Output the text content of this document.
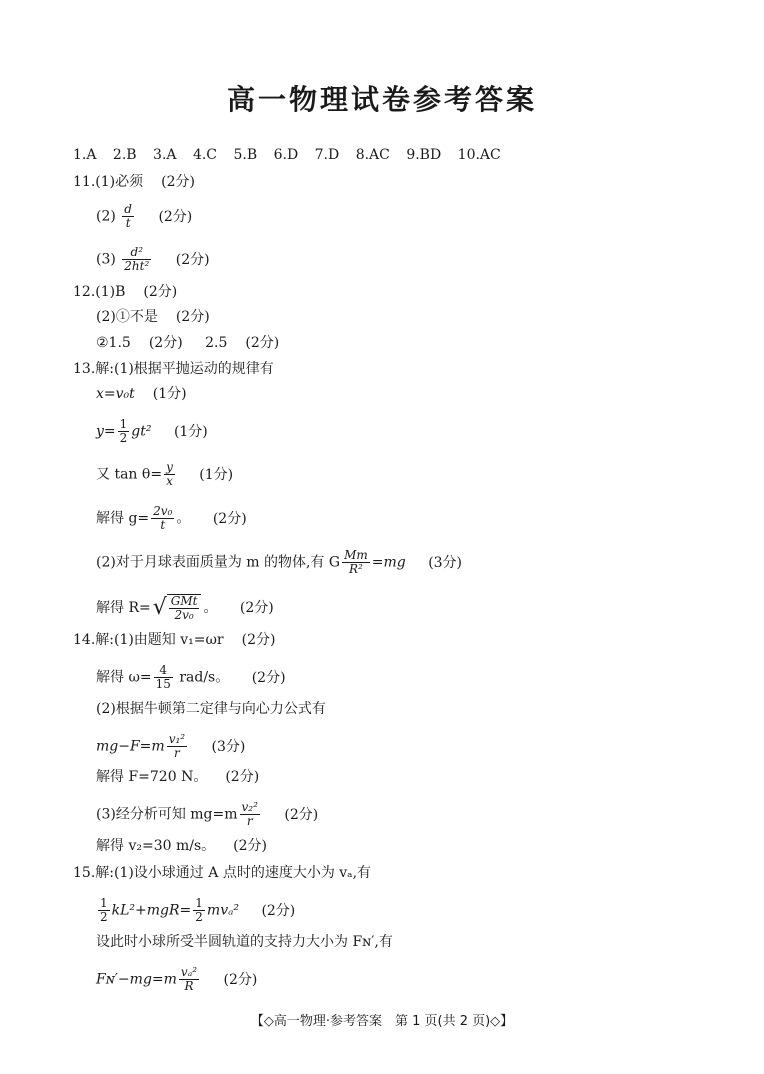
高一物理试卷参考答案
1.A 2.B 3.A 4.C 5.B 6.D 7.D 8.AC 9.BD 10.AC
11.(1)必须 (2分)
$(2) \frac{d}{t} (2$分)
$(3) \frac{\text{d²}}{\text{2ht²}} (2$分)
12.(1)B (2分)
(2)①不是 (2分)
②1.5 (2分) 2.5 (2分)
13.解:(1)根据平抛运动的规律有
x=v₀t (1分)
$y= \frac{1}{2} gt^2$ (1分)
又 $\tan \theta= \frac{y}{x} (1$分)
解得 $g= \frac{\text{2v₀}}{t}$ 。 (2分)
(2)对于月球表面质量为 m 的物体,有 G $\frac{Mm}{\text{R²}} =mg$ (3分)
解得 $R=√ \frac{\text{GMt}}{\text{2v₀}}$ 。 (2分)
14.解:(1)由题知 v₁=ωr (2分)
解得 $\omega= \frac{4}{15} rad/s$。 (2分)
(2)根据牛顿第二定律与向心力公式有
$mg-F=m \frac{\text{v₁²}}{r} (3$分)
解得 F=720 N。 (2分)
(3)经分析可知 $mg=m \frac{\text{v₂²}}{r} (2$分)
解得 v₂=30 m/s。 (2分)
15.解:(1)设小球通过 A 点时的速度大小为 vₐ,有
$\frac{1}{2} kL^2+mgR= \frac{1}{2} mv_a^2$ (2分)
设此时小球所受半圆轨道的支持力大小为 Fɴ′,有
Fɴ′−mg=m $\frac{\text{vₐ²}}{R} (2$分)
【◇高一物理·参考答案　第 1 页(共 2 页)◇】
